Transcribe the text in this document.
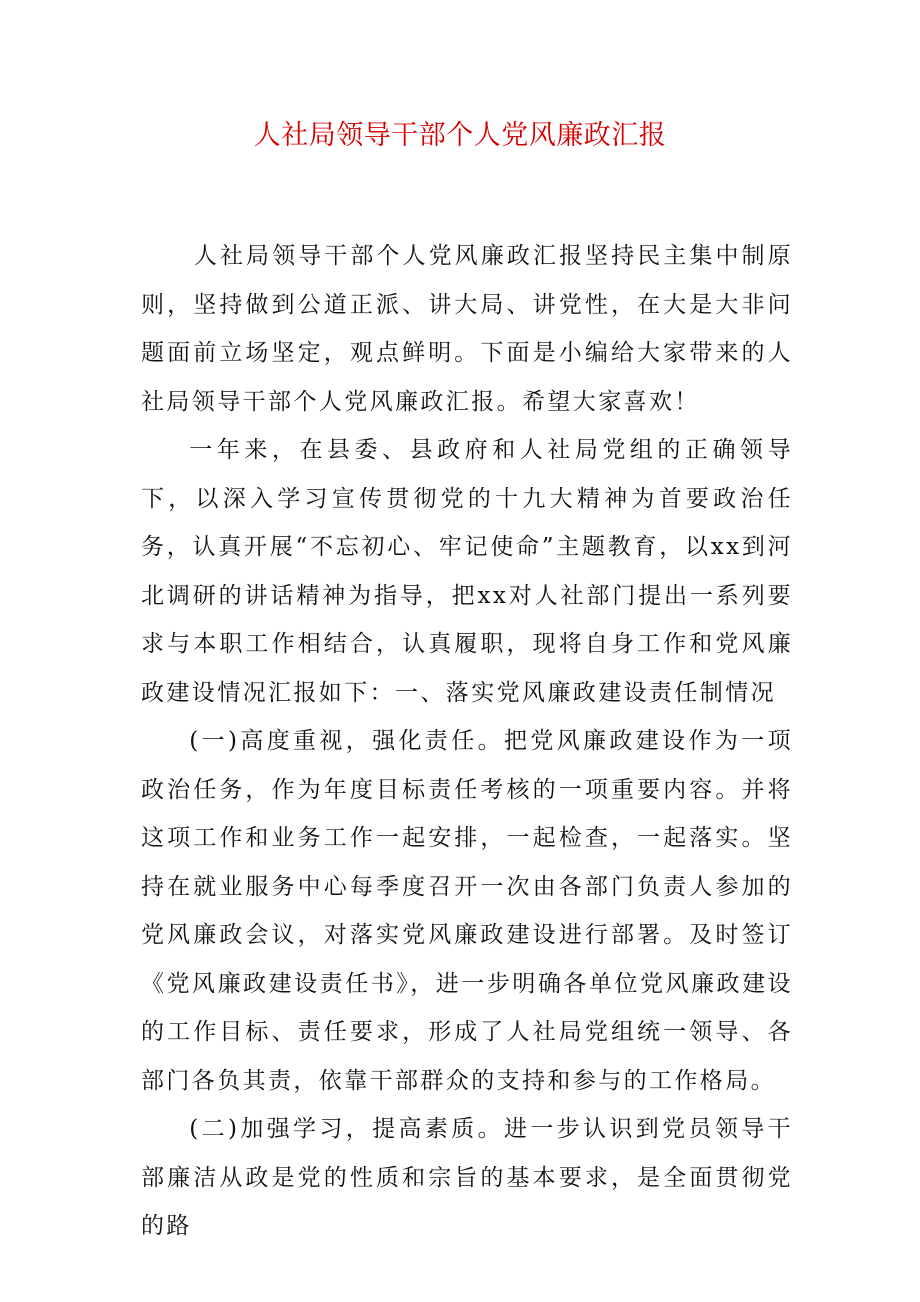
人社局领导干部个人党风廉政汇报

人社局领导干部个人党风廉政汇报坚持民主集中制原则，坚持做到公道正派、讲大局、讲党性，在大是大非问题面前立场坚定，观点鲜明。下面是小编给大家带来的人社局领导干部个人党风廉政汇报。希望大家喜欢！

一年来，在县委、县政府和人社局党组的正确领导下，以深入学习宣传贯彻党的十九大精神为首要政治任务，认真开展“不忘初心、牢记使命”主题教育，以xx到河北调研的讲话精神为指导，把xx对人社部门提出一系列要求与本职工作相结合，认真履职，现将自身工作和党风廉政建设情况汇报如下：一、落实党风廉政建设责任制情况

(一)高度重视，强化责任。把党风廉政建设作为一项政治任务，作为年度目标责任考核的一项重要内容。并将这项工作和业务工作一起安排，一起检查，一起落实。坚持在就业服务中心每季度召开一次由各部门负责人参加的党风廉政会议，对落实党风廉政建设进行部署。及时签订《党风廉政建设责任书》，进一步明确各单位党风廉政建设的工作目标、责任要求，形成了人社局党组统一领导、各部门各负其责，依靠干部群众的支持和参与的工作格局。

(二)加强学习，提高素质。进一步认识到党员领导干部廉洁从政是党的性质和宗旨的基本要求，是全面贯彻党的路
